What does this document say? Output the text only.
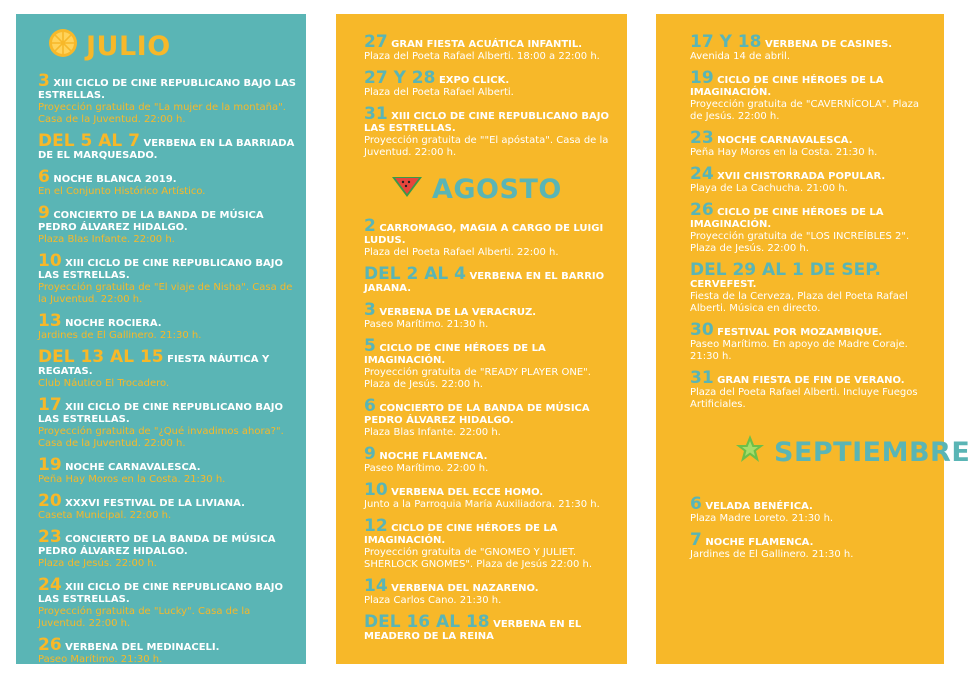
JULIO
3 XIII CICLO DE CINE REPUBLICANO BAJO LAS ESTRELLAS.
Proyección gratuita de "La mujer de la montaña". Casa de la Juventud. 22:00 h.
DEL 5 AL 7 VERBENA EN LA BARRIADA DE EL MARQUESADO.
6 NOCHE BLANCA 2019.
En el Conjunto Histórico Artístico.
9 CONCIERTO DE LA BANDA DE MÚSICA PEDRO ÁLVAREZ HIDALGO.
Plaza Blas Infante. 22:00 h.
10 XIII CICLO DE CINE REPUBLICANO BAJO LAS ESTRELLAS.
Proyección gratuita de "El viaje de Nisha". Casa de la Juventud. 22:00 h.
13 NOCHE ROCIERA.
Jardines de El Gallinero. 21:30 h.
DEL 13 AL 15 FIESTA NÁUTICA Y REGATAS.
Club Náutico El Trocadero.
17 XIII CICLO DE CINE REPUBLICANO BAJO LAS ESTRELLAS.
Proyección gratuita de "¿Qué invadimos ahora?". Casa de la Juventud. 22:00 h.
19 NOCHE CARNAVALESCA.
Peña Hay Moros en la Costa. 21:30 h.
20 XXXVI FESTIVAL DE LA LIVIANA.
Caseta Municipal. 22:00 h.
23 CONCIERTO DE LA BANDA DE MÚSICA PEDRO ÁLVAREZ HIDALGO.
Plaza de Jesús. 22:00 h.
24 XIII CICLO DE CINE REPUBLICANO BAJO LAS ESTRELLAS.
Proyección gratuita de "Lucky". Casa de la Juventud. 22:00 h.
26 VERBENA DEL MEDINACELI.
Paseo Marítimo. 21:30 h.
27 GRAN FIESTA ACUÁTICA INFANTIL.
Plaza del Poeta Rafael Alberti. 18:00 a 22:00 h.
27 Y 28 EXPO CLICK.
Plaza del Poeta Rafael Alberti.
31 XIII CICLO DE CINE REPUBLICANO BAJO LAS ESTRELLAS.
Proyección gratuita de ""El apóstata". Casa de la Juventud. 22:00 h.
AGOSTO
2 CARROMAGO, MAGIA A CARGO DE LUIGI LUDUS.
Plaza del Poeta Rafael Alberti. 22:00 h.
DEL 2 AL 4 VERBENA EN EL BARRIO JARANA.
3 VERBENA DE LA VERACRUZ.
Paseo Marítimo. 21:30 h.
5 CICLO DE CINE HÉROES DE LA IMAGINACIÓN.
Proyección gratuita de "READY PLAYER ONE". Plaza de Jesús. 22:00 h.
6 CONCIERTO DE LA BANDA DE MÚSICA PEDRO ÁLVAREZ HIDALGO.
Plaza Blas Infante. 22:00 h.
9 NOCHE FLAMENCA.
Paseo Marítimo. 22:00 h.
10 VERBENA DEL ECCE HOMO.
Junto a la Parroquia María Auxiliadora. 21:30 h.
12 CICLO DE CINE HÉROES DE LA IMAGINACIÓN.
Proyección gratuita de "GNOMEO Y JULIET. SHERLOCK GNOMES". Plaza de Jesús 22:00 h.
14 VERBENA DEL NAZARENO.
Plaza Carlos Cano. 21:30 h.
DEL 16 AL 18 VERBENA EN EL MEADERO DE LA REINA
17 Y 18 VERBENA DE CASINES.
Avenida 14 de abril.
19 CICLO DE CINE HÉROES DE LA IMAGINACIÓN.
Proyección gratuita de "CAVERNÍCOLA". Plaza de Jesús. 22:00 h.
23 NOCHE CARNAVALESCA.
Peña Hay Moros en la Costa. 21:30 h.
24 XVII CHISTORRADA POPULAR.
Playa de La Cachucha. 21:00 h.
26 CICLO DE CINE HÉROES DE LA IMAGINACIÓN.
Proyección gratuita de "LOS INCREÍBLES 2". Plaza de Jesús. 22:00 h.
DEL 29 AL 1 DE SEP. CERVEFEST.
Fiesta de la Cerveza, Plaza del Poeta Rafael Alberti. Música en directo.
30 FESTIVAL POR MOZAMBIQUE.
Paseo Marítimo. En apoyo de Madre Coraje. 21:30 h.
31 GRAN FIESTA DE FIN DE VERANO.
Plaza del Poeta Rafael Alberti. Incluye Fuegos Artificiales.
SEPTIEMBRE
6 VELADA BENÉFICA.
Plaza Madre Loreto. 21:30 h.
7 NOCHE FLAMENCA.
Jardines de El Gallinero. 21:30 h.
